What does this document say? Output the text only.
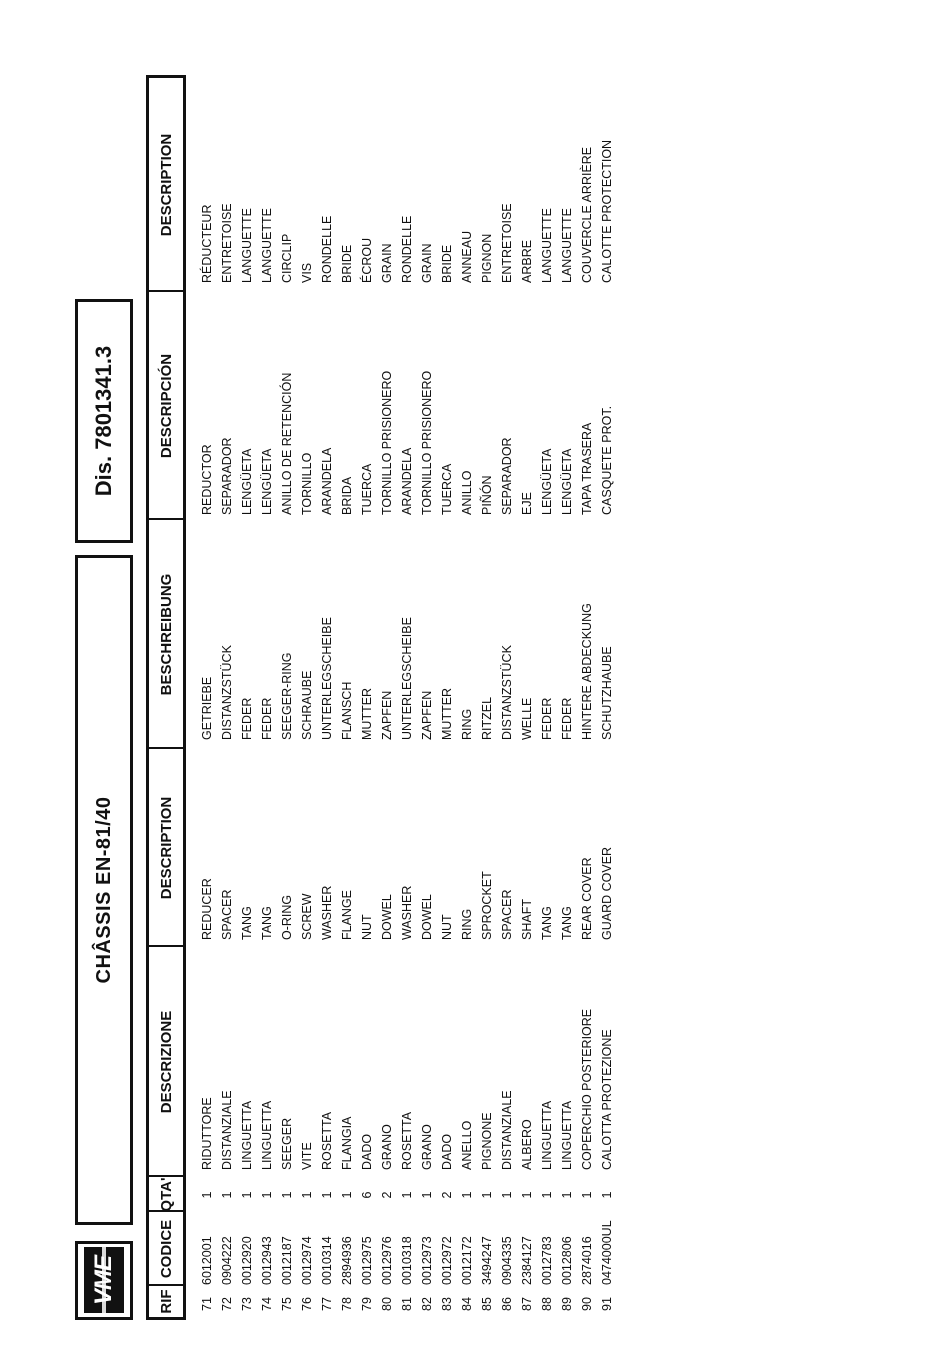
VME
CHÂSSIS EN-81/40
Dis. 7801341.3
RIF
CODICE
QTA'
DESCRIZIONE
DESCRIPTION
BESCHREIBUNG
DESCRIPCIÓN
DESCRIPTION
71
6012001
1
RIDUTTORE
REDUCER
GETRIEBE
REDUCTOR
RÉDUCTEUR
72
0904222
1
DISTANZIALE
SPACER
DISTANZSTÜCK
SEPARADOR
ENTRETOISE
73
0012920
1
LINGUETTA
TANG
FEDER
LENGÜETA
LANGUETTE
74
0012943
1
LINGUETTA
TANG
FEDER
LENGÜETA
LANGUETTE
75
0012187
1
SEEGER
O-RING
SEEGER-RING
ANILLO DE RETENCIÓN
CIRCLIP
76
0012974
1
VITE
SCREW
SCHRAUBE
TORNILLO
VIS
77
0010314
1
ROSETTA
WASHER
UNTERLEGSCHEIBE
ARANDELA
RONDELLE
78
2894936
1
FLANGIA
FLANGE
FLANSCH
BRIDA
BRIDE
79
0012975
6
DADO
NUT
MUTTER
TUERCA
ÉCROU
80
0012976
2
GRANO
DOWEL
ZAPFEN
TORNILLO PRISIONERO
GRAIN
81
0010318
1
ROSETTA
WASHER
UNTERLEGSCHEIBE
ARANDELA
RONDELLE
82
0012973
1
GRANO
DOWEL
ZAPFEN
TORNILLO PRISIONERO
GRAIN
83
0012972
2
DADO
NUT
MUTTER
TUERCA
BRIDE
84
0012172
1
ANELLO
RING
RING
ANILLO
ANNEAU
85
3494247
1
PIGNONE
SPROCKET
RITZEL
PIÑÓN
PIGNON
86
0904335
1
DISTANZIALE
SPACER
DISTANZSTÜCK
SEPARADOR
ENTRETOISE
87
2384127
1
ALBERO
SHAFT
WELLE
EJE
ARBRE
88
0012783
1
LINGUETTA
TANG
FEDER
LENGÜETA
LANGUETTE
89
0012806
1
LINGUETTA
TANG
FEDER
LENGÜETA
LANGUETTE
90
2874016
1
COPERCHIO POSTERIORE
REAR COVER
HINTERE ABDECKUNG
TAPA TRASERA
COUVERCLE ARRIÈRE
91
0474000UL
1
CALOTTA PROTEZIONE
GUARD COVER
SCHUTZHAUBE
CASQUETE PROT.
CALOTTE PROTECTION
